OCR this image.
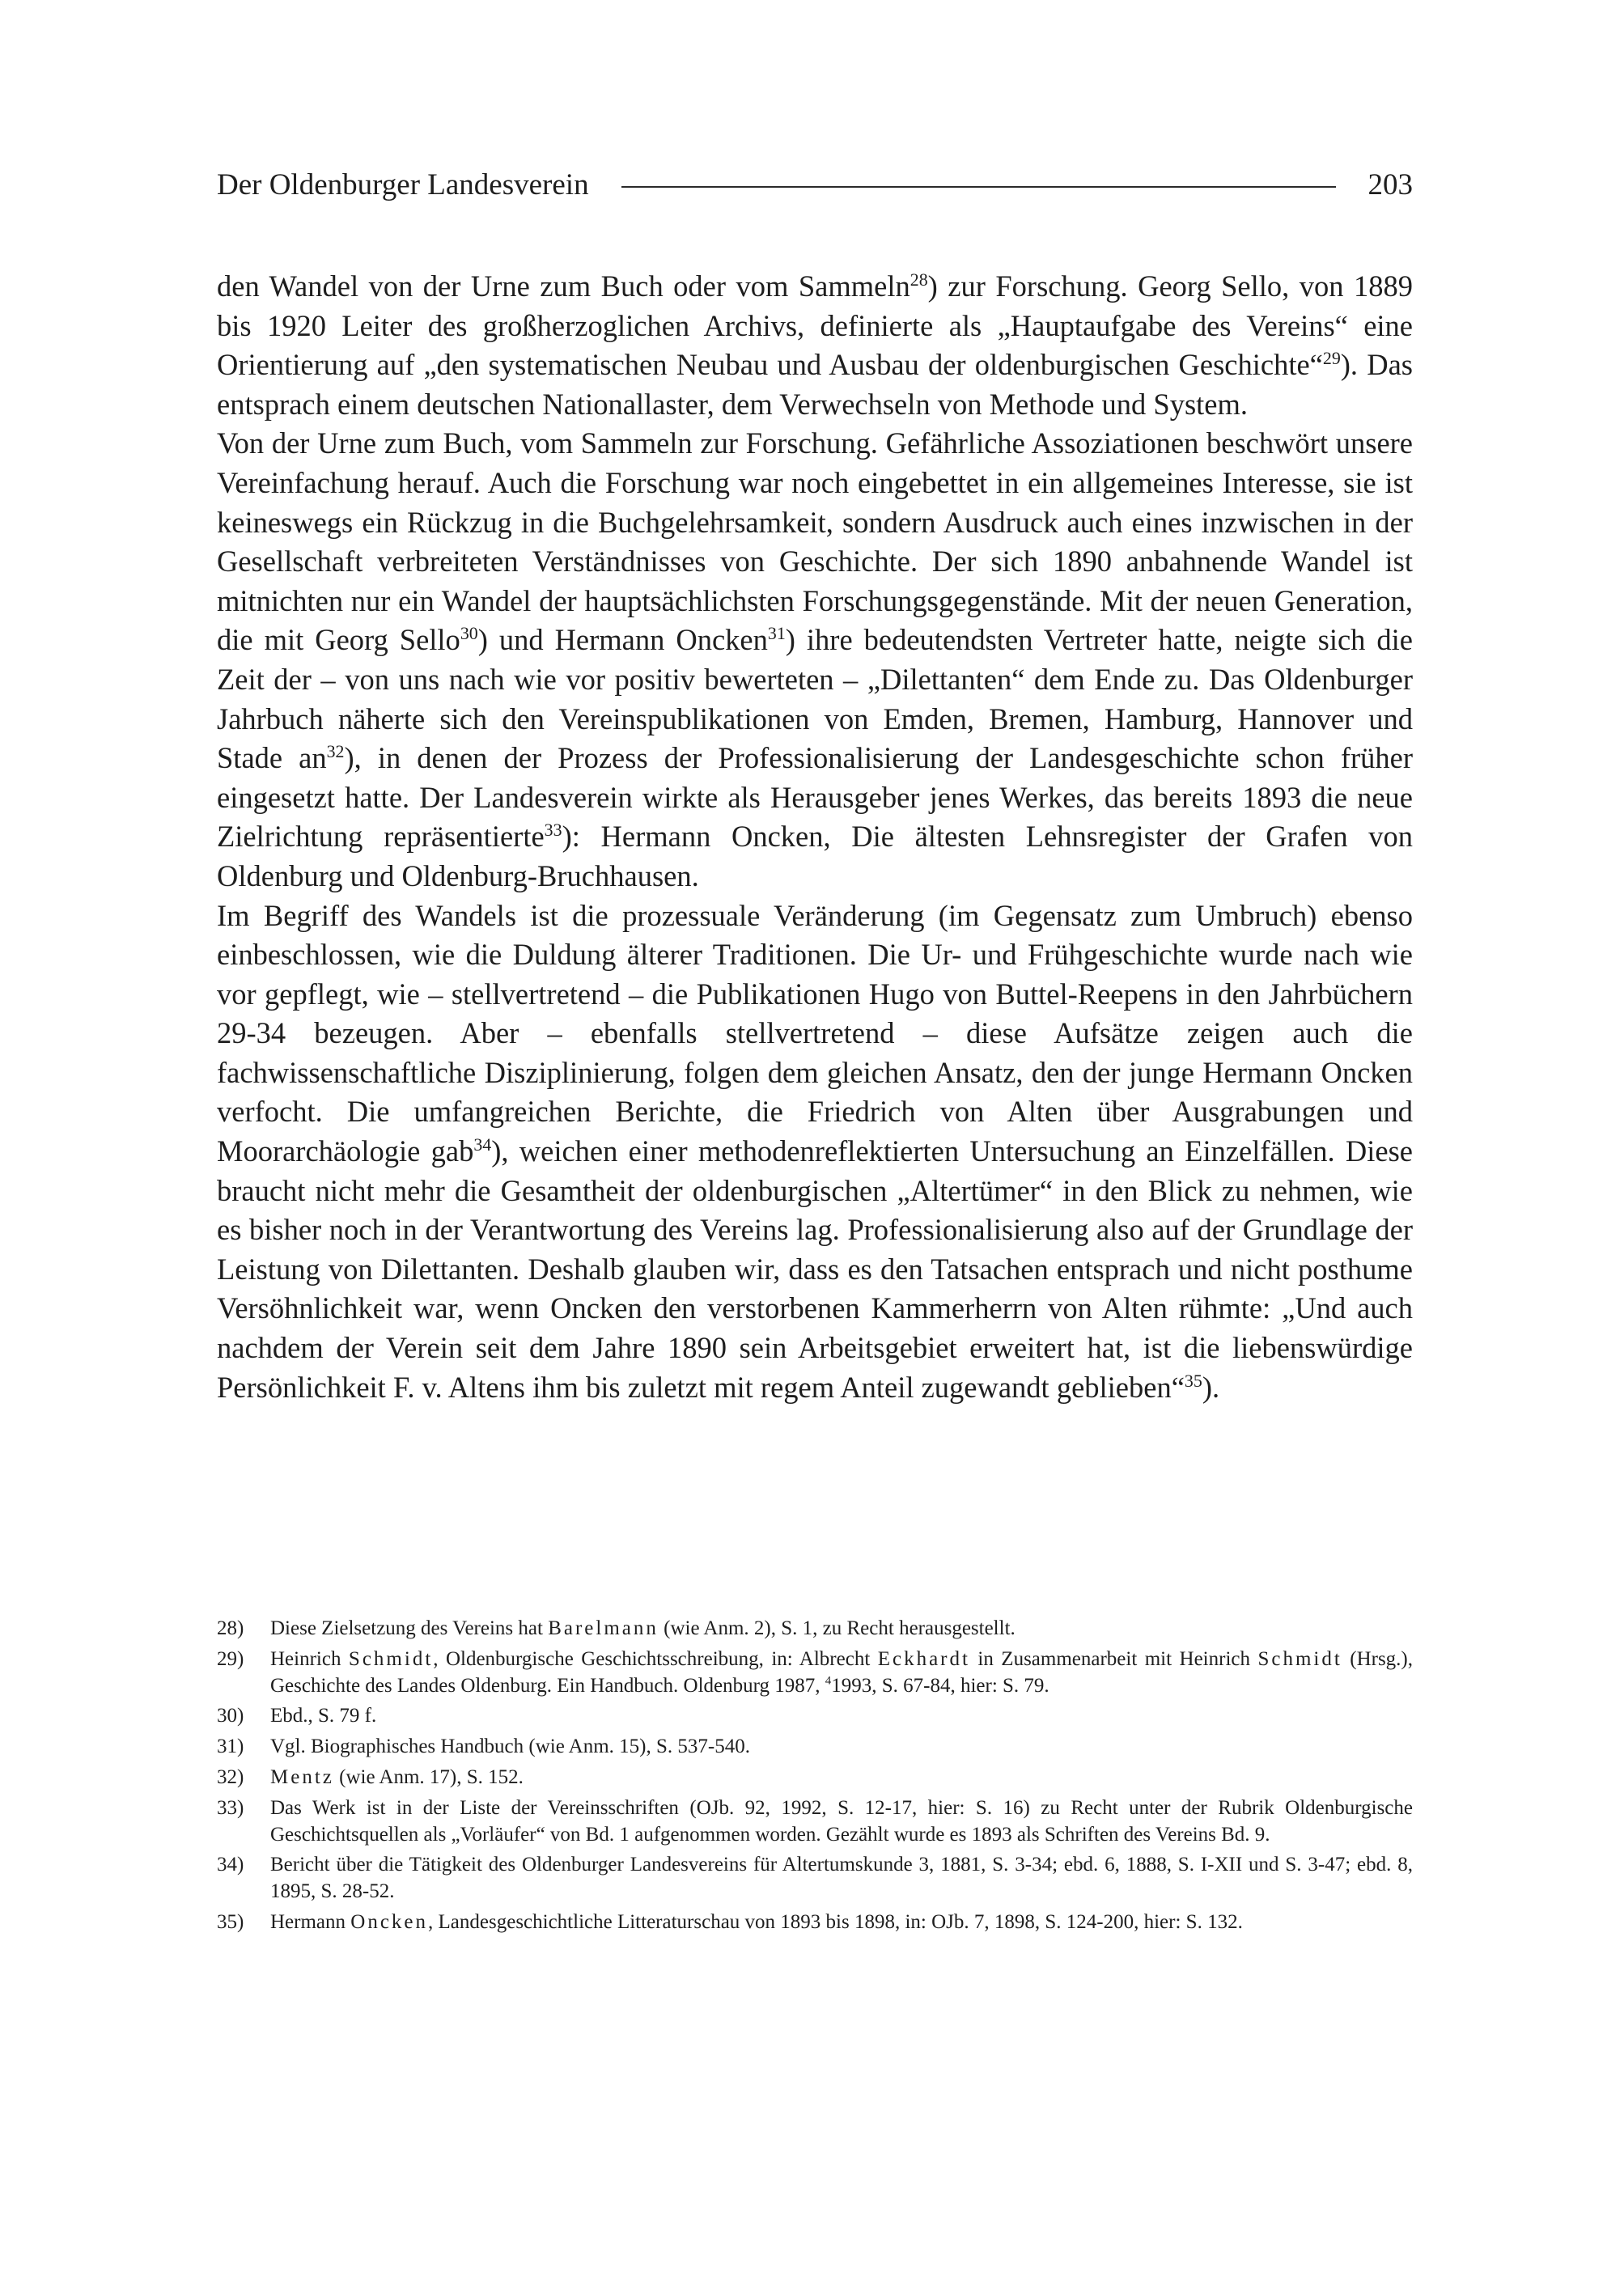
Der Oldenburger Landesverein	203

den Wandel von der Urne zum Buch oder vom Sammeln$^{28}$) zur Forschung. Georg Sello, von 1889 bis 1920 Leiter des großherzoglichen Archivs, definierte als „Hauptaufgabe des Vereins“ eine Orientierung auf „den systematischen Neubau und Ausbau der oldenburgischen Geschichte“$^{29}$). Das entsprach einem deutschen Nationallaster, dem Verwechseln von Methode und System.

Von der Urne zum Buch, vom Sammeln zur Forschung. Gefährliche Assoziationen beschwört unsere Vereinfachung herauf. Auch die Forschung war noch eingebettet in ein allgemeines Interesse, sie ist keineswegs ein Rückzug in die Buchgelehrsamkeit, sondern Ausdruck auch eines inzwischen in der Gesellschaft verbreiteten Verständnisses von Geschichte. Der sich 1890 anbahnende Wandel ist mitnichten nur ein Wandel der hauptsächlichsten Forschungsgegenstände. Mit der neuen Generation, die mit Georg Sello$^{30}$) und Hermann Oncken$^{31}$) ihre bedeutendsten Vertreter hatte, neigte sich die Zeit der – von uns nach wie vor positiv bewerteten – „Dilettanten“ dem Ende zu. Das Oldenburger Jahrbuch näherte sich den Vereinspublikationen von Emden, Bremen, Hamburg, Hannover und Stade $an^{32}$), in denen der Prozess der Professionalisierung der Landesgeschichte schon früher eingesetzt hatte. Der Landesverein wirkte als Herausgeber jenes Werkes, das bereits 1893 die neue Zielrichtung repräsentierte$^{33}$): Hermann Oncken, Die ältesten Lehnsregister der Grafen von Oldenburg und Oldenburg-Bruchhausen.

Im Begriff des Wandels ist die prozessuale Veränderung (im Gegensatz zum Umbruch) ebenso einbeschlossen, wie die Duldung älterer Traditionen. Die Ur- und Frühgeschichte wurde nach wie vor gepflegt, wie – stellvertretend – die Publikationen Hugo von Buttel-Reepens in den Jahrbüchern 29-34 bezeugen. Aber – ebenfalls stellvertretend – diese Aufsätze zeigen auch die fachwissenschaftliche Disziplinierung, folgen dem gleichen Ansatz, den der junge Hermann Oncken verfocht. Die umfangreichen Berichte, die Friedrich von Alten über Ausgrabungen und Moorarchäologie gab$^{34}$), weichen einer methodenreflektierten Untersuchung an Einzelfällen. Diese braucht nicht mehr die Gesamtheit der oldenburgischen „Altertümer“ in den Blick zu nehmen, wie es bisher noch in der Verantwortung des Vereins lag. Professionalisierung also auf der Grundlage der Leistung von Dilettanten. Deshalb glauben wir, dass es den Tatsachen entsprach und nicht posthume Versöhnlichkeit war, wenn Oncken den verstorbenen Kammerherrn von Alten rühmte: „Und auch nachdem der Verein seit dem Jahre 1890 sein Arbeitsgebiet erweitert hat, ist die liebenswürdige Persönlichkeit F. v. Altens ihm bis zuletzt mit regem Anteil zugewandt geblieben“$^{35}$).

28)	Diese Zielsetzung des Vereins hat Barelmann (wie Anm. 2), S. 1, zu Recht herausgestellt.
29)	Heinrich Schmidt, Oldenburgische Geschichtsschreibung, in: Albrecht Eckhardt in Zusammenarbeit mit Heinrich Schmidt (Hrsg.), Geschichte des Landes Oldenburg. Ein Handbuch. Oldenburg 1987, $^4$1993, S. 67-84, hier: S. 79.
30)	Ebd., S. 79 f.
31)	Vgl. Biographisches Handbuch (wie Anm. 15), S. 537-540.
32)	Mentz (wie Anm. 17), S. 152.
33)	Das Werk ist in der Liste der Vereinsschriften (OJb. 92, 1992, S. 12-17, hier: S. 16) zu Recht unter der Rubrik Oldenburgische Geschichtsquellen als „Vorläufer“ von Bd. 1 aufgenommen worden. Gezählt wurde es 1893 als Schriften des Vereins Bd. 9.
34)	Bericht über die Tätigkeit des Oldenburger Landesvereins für Altertumskunde 3, 1881, S. 3-34; ebd. 6, 1888, S. I-XII und S. 3-47; ebd. 8, 1895, S. 28-52.
35)	Hermann Oncken, Landesgeschichtliche Litteraturschau von 1893 bis 1898, in: OJb. 7, 1898, S. 124-200, hier: S. 132.
